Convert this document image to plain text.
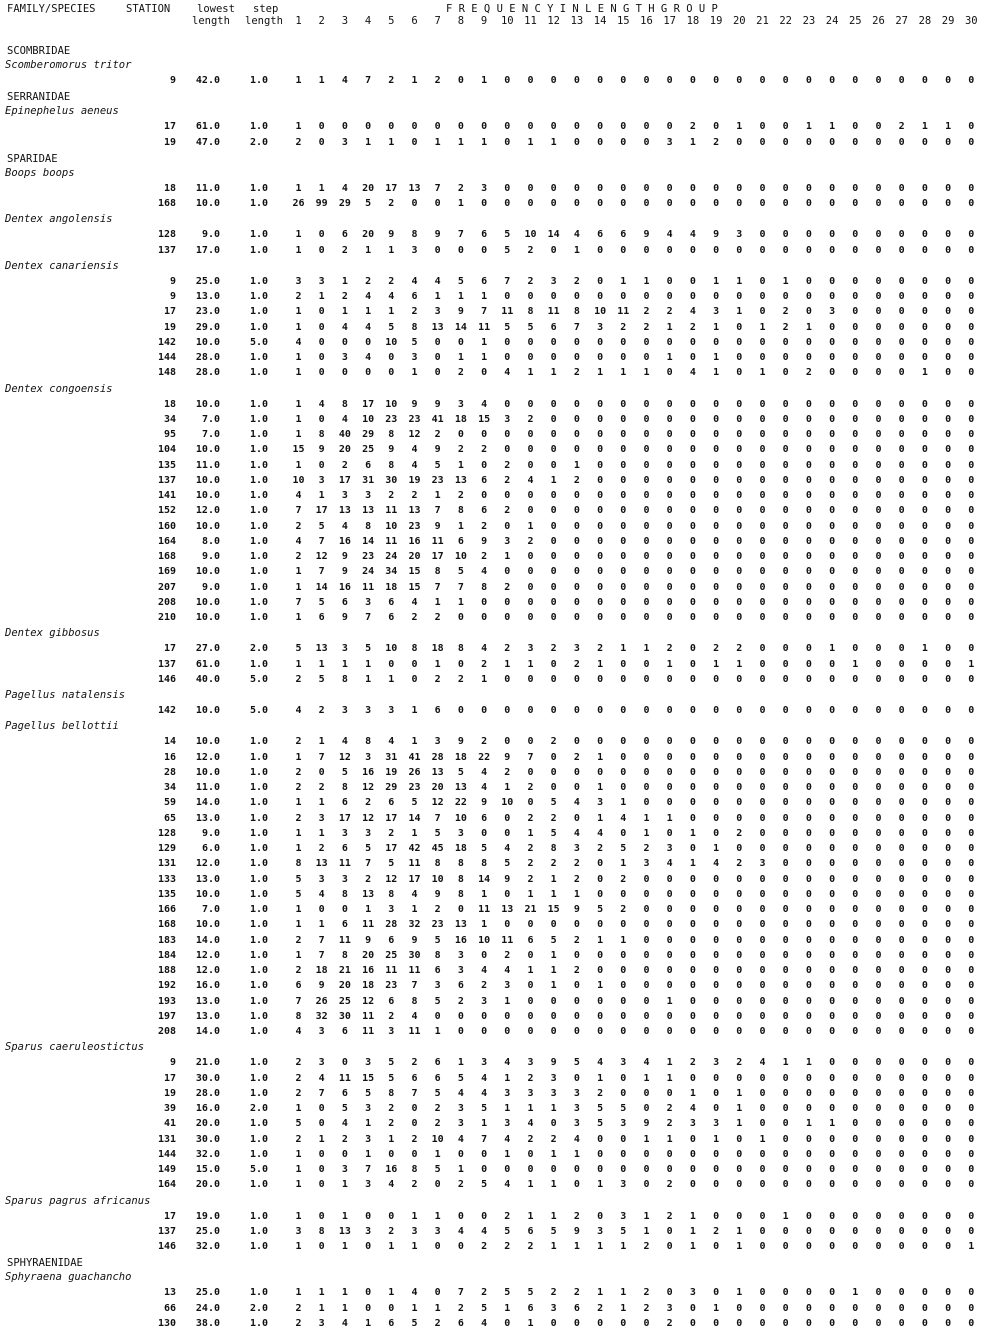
FAMILY/SPECIES	STATION	lowest
length
step
length
F R E Q U E N C Y I N L E N G T H G R O U P
1	2	3	4	5	6	7	8	9	10	11	12	13	14	15	16	17	18	19	20	21	22	23	24	25	26	27	28	29	30
SCOMBRIDAE
Scomberomorus tritor
9	42.0	1.0	1	1	4	7	2	1	2	0	1	0	0	0	0	0	0	0	0	0	0	0	0	0	0	0	0	0	0	0	0	0
SERRANIDAE
Epinephelus aeneus
17	61.0	1.0	1	0	0	0	0	0	0	0	0	0	0	0	0	0	0	0	0	2	0	1	0	0	1	1	0	0	2	1	1	0
19	47.0	2.0	2	0	3	1	1	0	1	1	1	0	1	1	0	0	0	0	3	1	2	0	0	0	0	0	0	0	0	0	0	0
SPARIDAE
Boops boops
18	11.0	1.0	1	1	4	20	17	13	7	2	3	0	0	0	0	0	0	0	0	0	0	0	0	0	0	0	0	0	0	0	0	0
168	10.0	1.0	26	99	29	5	2	0	0	1	0	0	0	0	0	0	0	0	0	0	0	0	0	0	0	0	0	0	0	0	0	0
Dentex angolensis
128	9.0	1.0	1	0	6	20	9	8	9	7	6	5	10	14	4	6	6	9	4	4	9	3	0	0	0	0	0	0	0	0	0	0
137	17.0	1.0	1	0	2	1	1	3	0	0	0	5	2	0	1	0	0	0	0	0	0	0	0	0	0	0	0	0	0	0	0	0
Dentex canariensis
9	25.0	1.0	3	3	1	2	2	4	4	5	6	7	2	3	2	0	1	1	0	0	1	1	0	1	0	0	0	0	0	0	0	0
9	13.0	1.0	2	1	2	4	4	6	1	1	1	0	0	0	0	0	0	0	0	0	0	0	0	0	0	0	0	0	0	0	0	0
17	23.0	1.0	1	0	1	1	1	2	3	9	7	11	8	11	8	10	11	2	2	4	3	1	0	2	0	3	0	0	0	0	0	0
19	29.0	1.0	1	0	4	4	5	8	13	14	11	5	5	6	7	3	2	2	1	2	1	0	1	2	1	0	0	0	0	0	0	0
142	10.0	5.0	4	0	0	0	10	5	0	0	1	0	0	0	0	0	0	0	0	0	0	0	0	0	0	0	0	0	0	0	0	0
144	28.0	1.0	1	0	3	4	0	3	0	1	1	0	0	0	0	0	0	0	1	0	1	0	0	0	0	0	0	0	0	0	0	0
148	28.0	1.0	1	0	0	0	0	1	0	2	0	4	1	1	2	1	1	1	0	4	1	0	1	0	2	0	0	0	0	1	0	0
Dentex congoensis
18	10.0	1.0	1	4	8	17	10	9	9	3	4	0	0	0	0	0	0	0	0	0	0	0	0	0	0	0	0	0	0	0	0	0
34	7.0	1.0	1	0	4	10	23	23	41	18	15	3	2	0	0	0	0	0	0	0	0	0	0	0	0	0	0	0	0	0	0	0
95	7.0	1.0	1	8	40	29	8	12	2	0	0	0	0	0	0	0	0	0	0	0	0	0	0	0	0	0	0	0	0	0	0	0
104	10.0	1.0	15	9	20	25	9	4	9	2	2	0	0	0	0	0	0	0	0	0	0	0	0	0	0	0	0	0	0	0	0	0
135	11.0	1.0	1	0	2	6	8	4	5	1	0	2	0	0	1	0	0	0	0	0	0	0	0	0	0	0	0	0	0	0	0	0
137	10.0	1.0	10	3	17	31	30	19	23	13	6	2	4	1	2	0	0	0	0	0	0	0	0	0	0	0	0	0	0	0	0	0
141	10.0	1.0	4	1	3	3	2	2	1	2	0	0	0	0	0	0	0	0	0	0	0	0	0	0	0	0	0	0	0	0	0	0
152	12.0	1.0	7	17	13	13	11	13	7	8	6	2	0	0	0	0	0	0	0	0	0	0	0	0	0	0	0	0	0	0	0	0
160	10.0	1.0	2	5	4	8	10	23	9	1	2	0	1	0	0	0	0	0	0	0	0	0	0	0	0	0	0	0	0	0	0	0
164	8.0	1.0	4	7	16	14	11	16	11	6	9	3	2	0	0	0	0	0	0	0	0	0	0	0	0	0	0	0	0	0	0	0
168	9.0	1.0	2	12	9	23	24	20	17	10	2	1	0	0	0	0	0	0	0	0	0	0	0	0	0	0	0	0	0	0	0	0
169	10.0	1.0	1	7	9	24	34	15	8	5	4	0	0	0	0	0	0	0	0	0	0	0	0	0	0	0	0	0	0	0	0	0
207	9.0	1.0	1	14	16	11	18	15	7	7	8	2	0	0	0	0	0	0	0	0	0	0	0	0	0	0	0	0	0	0	0	0
208	10.0	1.0	7	5	6	3	6	4	1	1	0	0	0	0	0	0	0	0	0	0	0	0	0	0	0	0	0	0	0	0	0	0
210	10.0	1.0	1	6	9	7	6	2	2	0	0	0	0	0	0	0	0	0	0	0	0	0	0	0	0	0	0	0	0	0	0	0
Dentex gibbosus
17	27.0	2.0	5	13	3	5	10	8	18	8	4	2	3	2	3	2	1	1	2	0	2	2	0	0	0	1	0	0	0	1	0	0
137	61.0	1.0	1	1	1	1	0	0	1	0	2	1	1	0	2	1	0	0	1	0	1	1	0	0	0	0	1	0	0	0	0	1
146	40.0	5.0	2	5	8	1	1	0	2	2	1	0	0	0	0	0	0	0	0	0	0	0	0	0	0	0	0	0	0	0	0	0
Pagellus natalensis
142	10.0	5.0	4	2	3	3	3	1	6	0	0	0	0	0	0	0	0	0	0	0	0	0	0	0	0	0	0	0	0	0	0	0
Pagellus bellottii
14	10.0	1.0	2	1	4	8	4	1	3	9	2	0	0	2	0	0	0	0	0	0	0	0	0	0	0	0	0	0	0	0	0	0
16	12.0	1.0	1	7	12	3	31	41	28	18	22	9	7	0	2	1	0	0	0	0	0	0	0	0	0	0	0	0	0	0	0	0
28	10.0	1.0	2	0	5	16	19	26	13	5	4	2	0	0	0	0	0	0	0	0	0	0	0	0	0	0	0	0	0	0	0	0
34	11.0	1.0	2	2	8	12	29	23	20	13	4	1	2	0	0	1	0	0	0	0	0	0	0	0	0	0	0	0	0	0	0	0
59	14.0	1.0	1	1	6	2	6	5	12	22	9	10	0	5	4	3	1	0	0	0	0	0	0	0	0	0	0	0	0	0	0	0
65	13.0	1.0	2	3	17	12	17	14	7	10	6	0	2	2	0	1	4	1	1	0	0	0	0	0	0	0	0	0	0	0	0	0
128	9.0	1.0	1	1	3	3	2	1	5	3	0	0	1	5	4	4	0	1	0	1	0	2	0	0	0	0	0	0	0	0	0	0
129	6.0	1.0	1	2	6	5	17	42	45	18	5	4	2	8	3	2	5	2	3	0	1	0	0	0	0	0	0	0	0	0	0	0
131	12.0	1.0	8	13	11	7	5	11	8	8	8	5	2	2	2	0	1	3	4	1	4	2	3	0	0	0	0	0	0	0	0	0
133	13.0	1.0	5	3	3	2	12	17	10	8	14	9	2	1	2	0	2	0	0	0	0	0	0	0	0	0	0	0	0	0	0	0
135	10.0	1.0	5	4	8	13	8	4	9	8	1	0	1	1	1	0	0	0	0	0	0	0	0	0	0	0	0	0	0	0	0	0
166	7.0	1.0	1	0	0	1	3	1	2	0	11	13	21	15	9	5	2	0	0	0	0	0	0	0	0	0	0	0	0	0	0	0
168	10.0	1.0	1	1	6	11	28	32	23	13	1	0	0	0	0	0	0	0	0	0	0	0	0	0	0	0	0	0	0	0	0	0
183	14.0	1.0	2	7	11	9	6	9	5	16	10	11	6	5	2	1	1	0	0	0	0	0	0	0	0	0	0	0	0	0	0	0
184	12.0	1.0	1	7	8	20	25	30	8	3	0	2	0	1	0	0	0	0	0	0	0	0	0	0	0	0	0	0	0	0	0	0
188	12.0	1.0	2	18	21	16	11	11	6	3	4	4	1	1	2	0	0	0	0	0	0	0	0	0	0	0	0	0	0	0	0	0
192	16.0	1.0	6	9	20	18	23	7	3	6	2	3	0	1	0	1	0	0	0	0	0	0	0	0	0	0	0	0	0	0	0	0
193	13.0	1.0	7	26	25	12	6	8	5	2	3	1	0	0	0	0	0	0	1	0	0	0	0	0	0	0	0	0	0	0	0	0
197	13.0	1.0	8	32	30	11	2	4	0	0	0	0	0	0	0	0	0	0	0	0	0	0	0	0	0	0	0	0	0	0	0	0
208	14.0	1.0	4	3	6	11	3	11	1	0	0	0	0	0	0	0	0	0	0	0	0	0	0	0	0	0	0	0	0	0	0	0
Sparus caeruleostictus
9	21.0	1.0	2	3	0	3	5	2	6	1	3	4	3	9	5	4	3	4	1	2	3	2	4	1	1	0	0	0	0	0	0	0
17	30.0	1.0	2	4	11	15	5	6	6	5	4	1	2	3	0	1	0	1	1	0	0	0	0	0	0	0	0	0	0	0	0	0
19	28.0	1.0	2	7	6	5	8	7	5	4	4	3	3	3	3	2	0	0	0	1	0	1	0	0	0	0	0	0	0	0	0	0
39	16.0	2.0	1	0	5	3	2	0	2	3	5	1	1	1	3	5	5	0	2	4	0	1	0	0	0	0	0	0	0	0	0	0
41	20.0	1.0	5	0	4	1	2	0	2	3	1	3	4	0	3	5	3	9	2	3	3	1	0	0	1	1	0	0	0	0	0	0
131	30.0	1.0	2	1	2	3	1	2	10	4	7	4	2	2	4	0	0	1	1	0	1	0	1	0	0	0	0	0	0	0	0	0
144	32.0	1.0	1	0	0	1	0	0	1	0	0	1	0	1	1	0	0	0	0	0	0	0	0	0	0	0	0	0	0	0	0	0
149	15.0	5.0	1	0	3	7	16	8	5	1	0	0	0	0	0	0	0	0	0	0	0	0	0	0	0	0	0	0	0	0	0	0
164	20.0	1.0	1	0	1	3	4	2	0	2	5	4	1	1	0	1	3	0	2	0	0	0	0	0	0	0	0	0	0	0	0	0
Sparus pagrus africanus
17	19.0	1.0	1	0	1	0	0	1	1	0	0	2	1	1	2	0	3	1	2	1	0	0	0	1	0	0	0	0	0	0	0	0
137	25.0	1.0	3	8	13	3	2	3	3	4	4	5	6	5	9	3	5	1	0	1	2	1	0	0	0	0	0	0	0	0	0	0
146	32.0	1.0	1	0	1	0	1	1	0	0	2	2	2	1	1	1	1	2	0	1	0	1	0	0	0	0	0	0	0	0	0	1
SPHYRAENIDAE
Sphyraena guachancho
13	25.0	1.0	1	1	1	0	1	4	0	7	2	5	5	2	2	1	1	2	0	3	0	1	0	0	0	0	1	0	0	0	0	0
66	24.0	2.0	2	1	1	0	0	1	1	2	5	1	6	3	6	2	1	2	3	0	1	0	0	0	0	0	0	0	0	0	0	0
130	38.0	1.0	2	3	4	1	6	5	2	6	4	0	1	0	0	0	0	0	2	0	0	0	0	0	0	0	0	0	0	0	0	0
